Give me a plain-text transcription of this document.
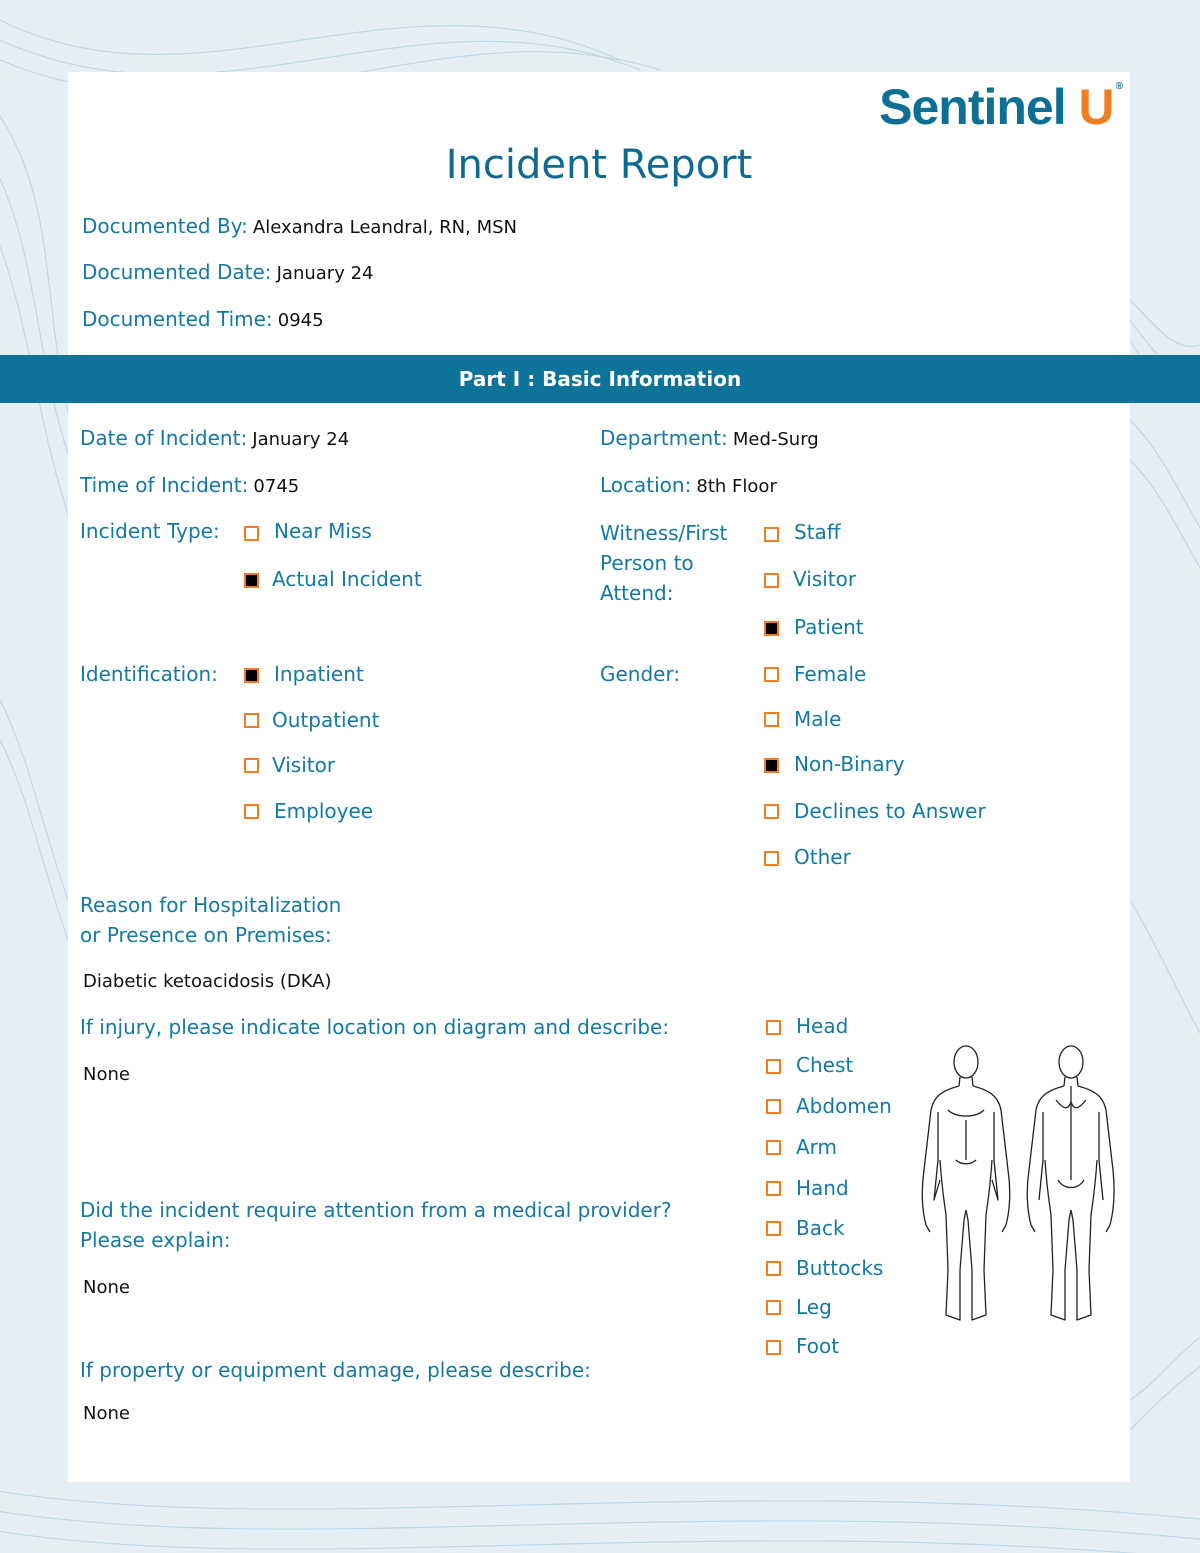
Sentinel U ®
Incident Report
Documented By: Alexandra Leandral, RN, MSN
Documented Date: January 24
Documented Time: 0945
Part I : Basic Information
Date of Incident: January 24
Time of Incident: 0745
Department: Med-Surg
Location: 8th Floor
Incident Type:	Near Miss
Actual Incident
Witness/First
Person to
Attend:
Staff
Visitor
Patient
Identification:	Inpatient
Outpatient
Visitor
Employee
Gender:	Female
Male
Non-Binary
Declines to Answer
Other
Reason for Hospitalization
or Presence on Premises:
Diabetic ketoacidosis (DKA)
If injury, please indicate location on diagram and describe:
None
Head
Chest
Abdomen
Arm
Hand
Back
Buttocks
Leg
Foot
Did the incident require attention from a medical provider?
Please explain:
None
If property or equipment damage, please describe:
None
